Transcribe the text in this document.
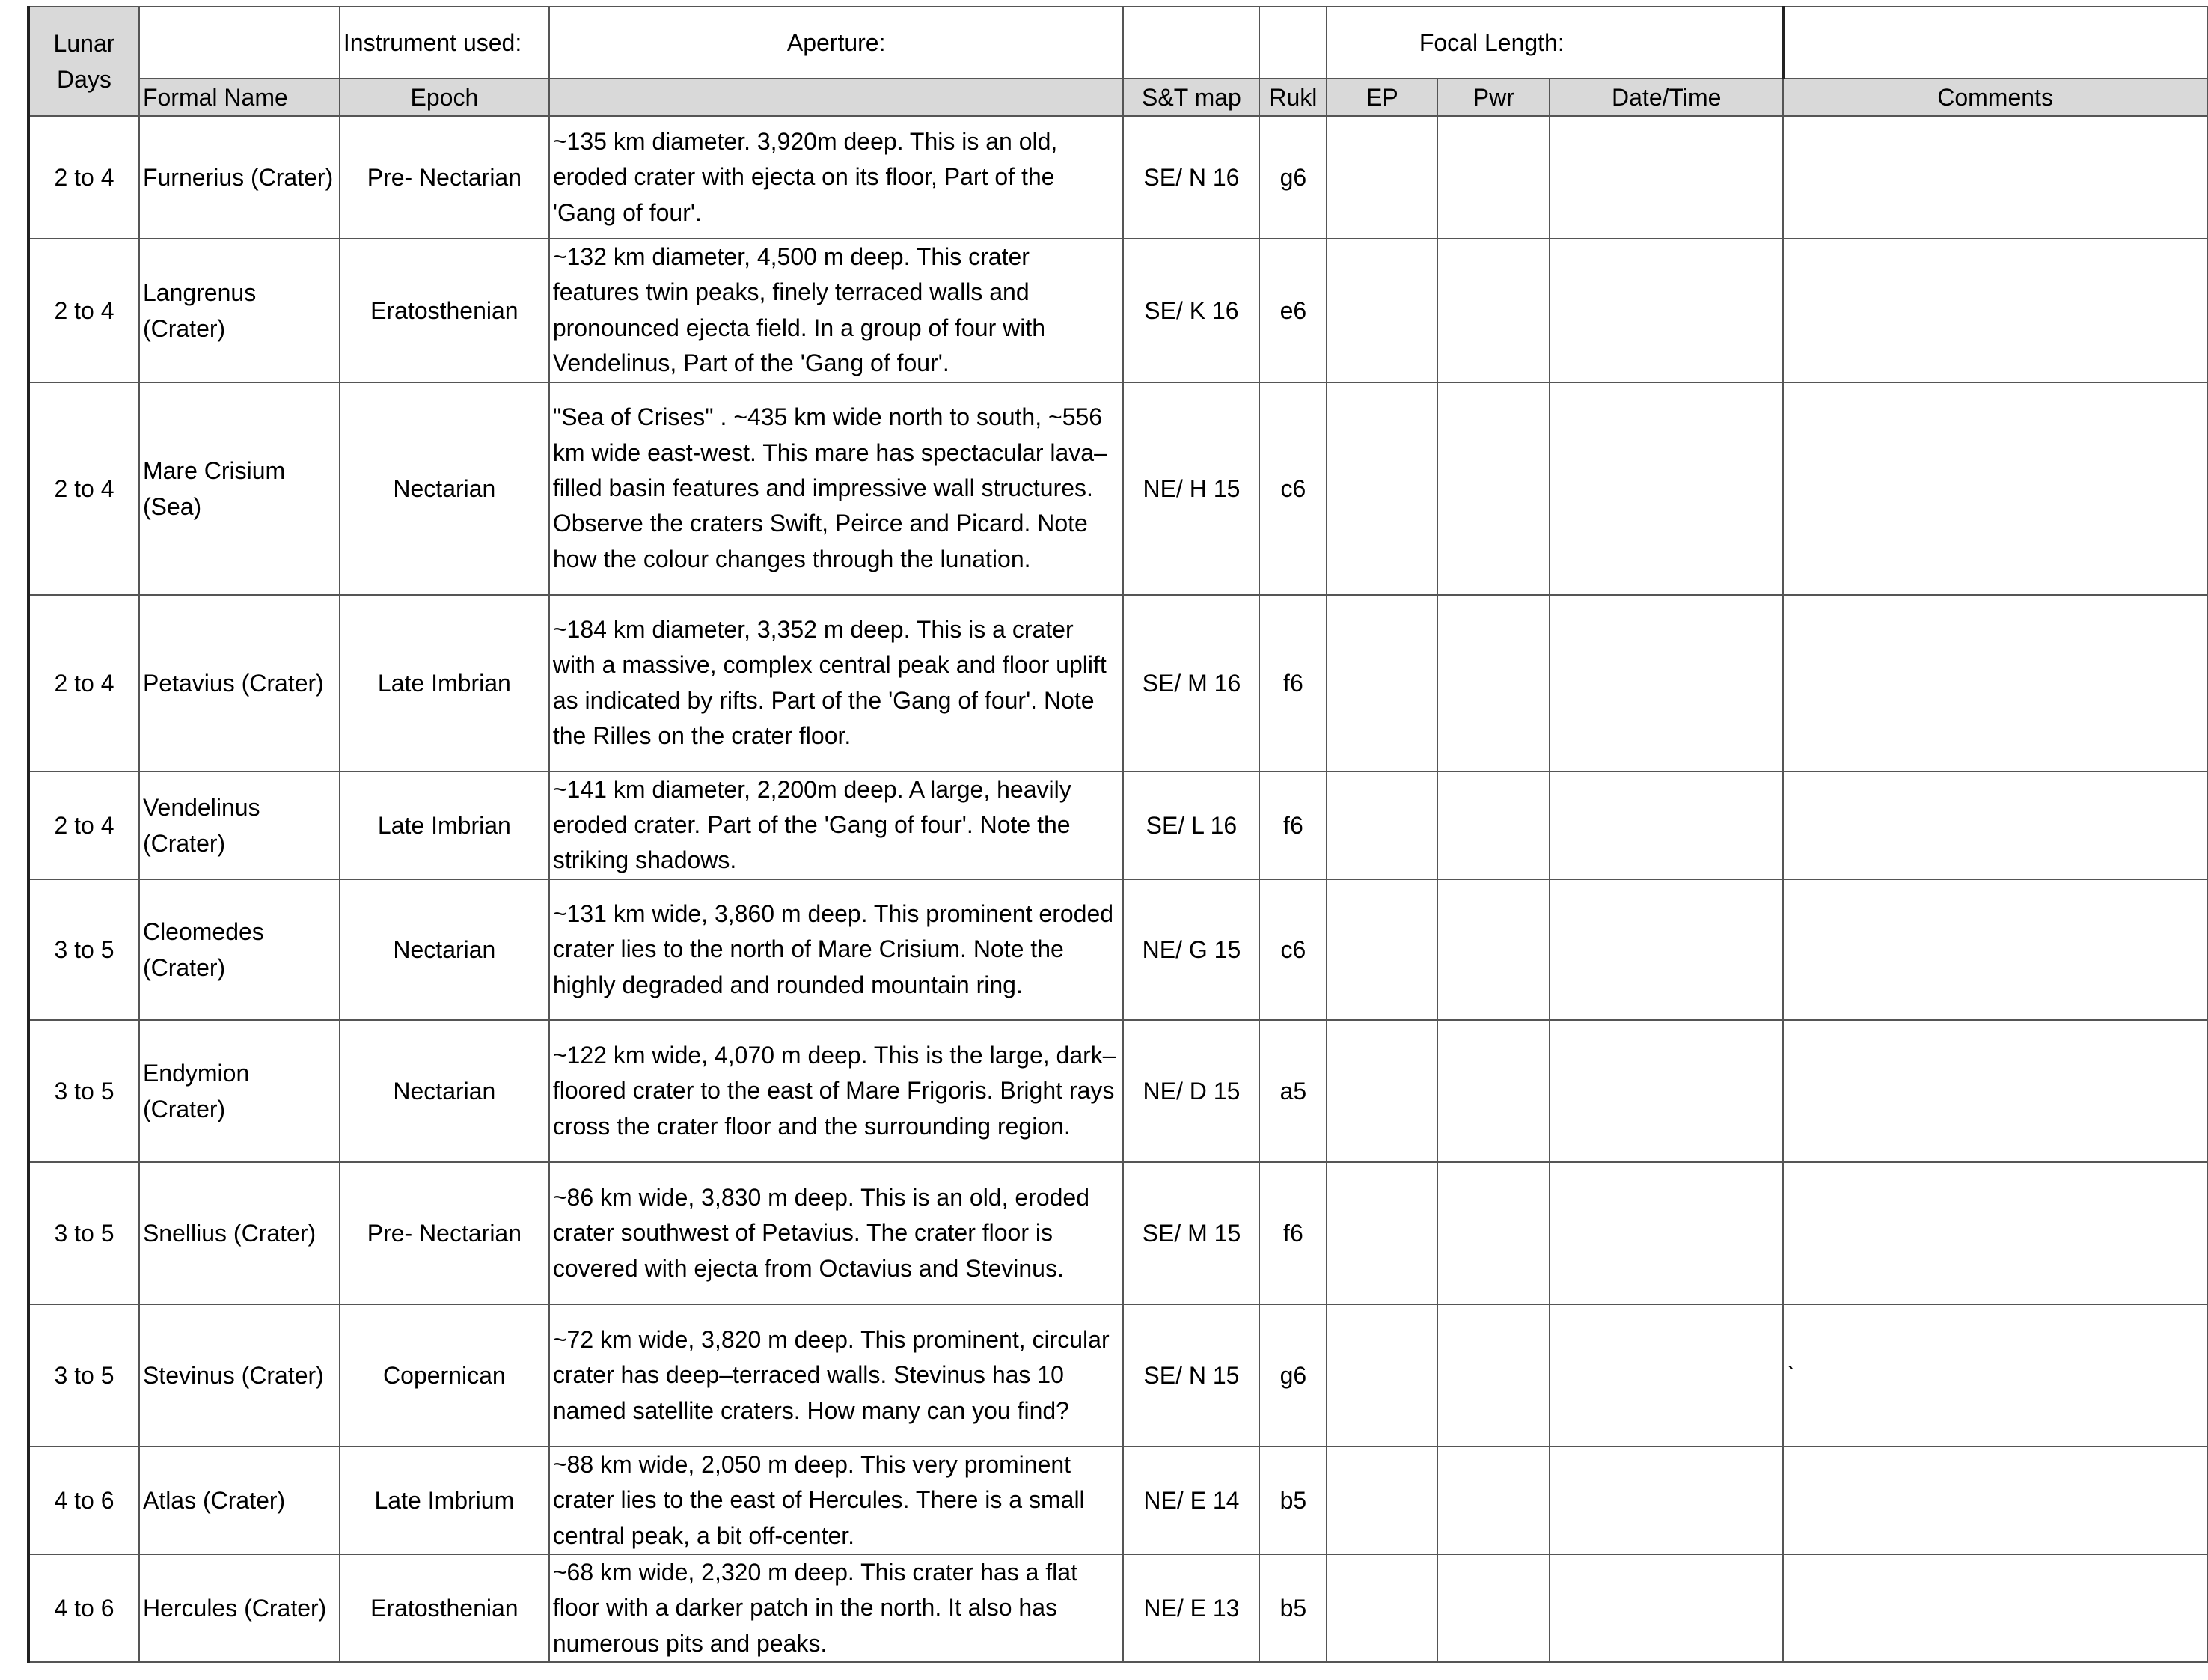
Lunar Days		Instrument used:	Aperture:			Focal Length:			
	Formal Name	Epoch		S&T map	Rukl	EP	Pwr	Date/Time	Comments
2 to 4	Furnerius (Crater)	Pre- Nectarian	~135 km diameter. 3,920m deep. This is an old, eroded crater with ejecta on its floor, Part of the 'Gang of four'.	SE/ N 16	g6				
2 to 4	Langrenus (Crater)	Eratosthenian	~132 km diameter, 4,500 m deep. This crater features twin peaks, finely terraced walls and pronounced ejecta field. In a group of four with Vendelinus, Part of the 'Gang of four'.	SE/ K 16	e6				
2 to 4	Mare Crisium (Sea)	Nectarian	"Sea of Crises" . ~435 km wide north to south, ~556 km wide east-west. This mare has spectacular lava–filled basin features and impressive wall structures. Observe the craters Swift, Peirce and Picard. Note how the colour changes through the lunation.	NE/ H 15	c6				
2 to 4	Petavius (Crater)	Late Imbrian	~184 km diameter, 3,352 m deep. This is a crater with a massive, complex central peak and floor uplift as indicated by rifts. Part of the 'Gang of four'. Note the Rilles on the crater floor.	SE/ M 16	f6				
2 to 4	Vendelinus (Crater)	Late Imbrian	~141 km diameter, 2,200m deep. A large, heavily eroded crater. Part of the 'Gang of four'. Note the striking shadows.	SE/ L 16	f6				
3 to 5	Cleomedes (Crater)	Nectarian	~131 km wide, 3,860 m deep. This prominent eroded crater lies to the north of Mare Crisium. Note the highly degraded and rounded mountain ring.	NE/ G 15	c6				
3 to 5	Endymion (Crater)	Nectarian	~122 km wide, 4,070 m deep. This is the large, dark–floored crater to the east of Mare Frigoris. Bright rays cross the crater floor and the surrounding region.	NE/ D 15	a5				
3 to 5	Snellius (Crater)	Pre- Nectarian	~86 km wide, 3,830 m deep. This is an old, eroded crater southwest of Petavius. The crater floor is covered with ejecta from Octavius and Stevinus.	SE/ M 15	f6				
3 to 5	Stevinus (Crater)	Copernican	~72 km wide, 3,820 m deep. This prominent, circular crater has deep–terraced walls. Stevinus has 10 named satellite craters. How many can you find?	SE/ N 15	g6				`
4 to 6	Atlas (Crater)	Late Imbrium	~88 km wide, 2,050 m deep. This very prominent crater lies to the east of Hercules. There is a small central peak, a bit off-center.	NE/ E 14	b5				
4 to 6	Hercules (Crater)	Eratosthenian	~68 km wide, 2,320 m deep. This crater has a flat floor with a darker patch in the north. It also has numerous pits and peaks.	NE/ E 13	b5				
